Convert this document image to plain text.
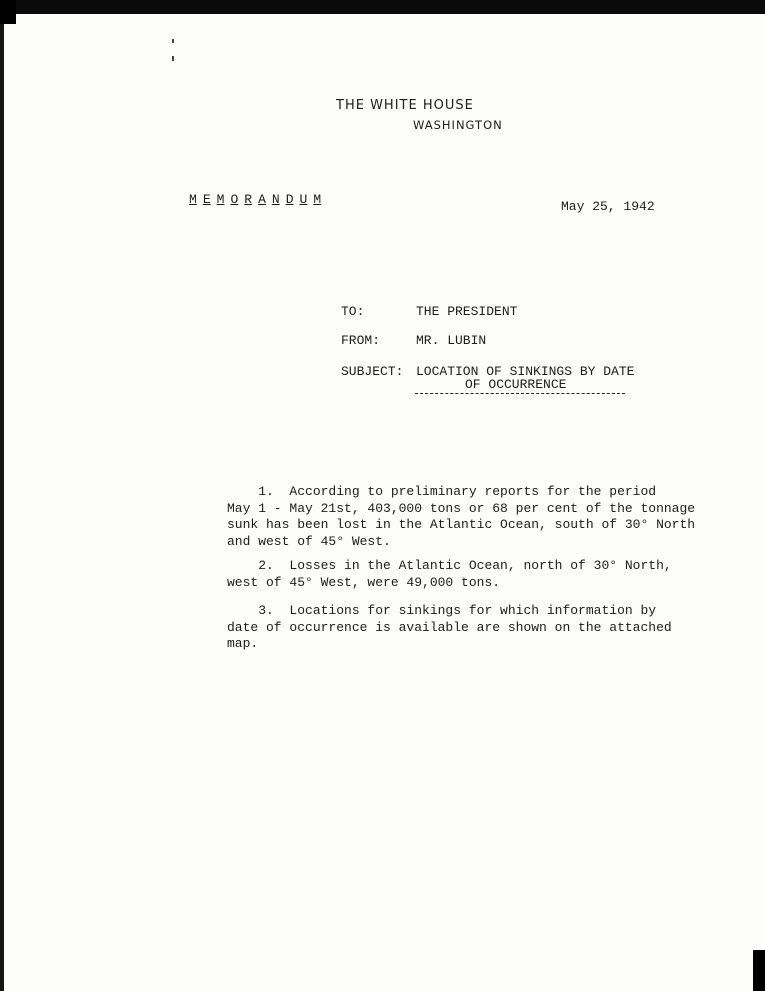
THE WHITE HOUSE
WASHINGTON
M E M O R A N D U M	May 25, 1942
TO:	THE PRESIDENT
FROM:	MR. LUBIN
SUBJECT: LOCATION OF SINKINGS BY DATE
OF OCCURRENCE
1.  According to preliminary reports for the period
May 1 - May 21st, 403,000 tons or 68 per cent of the tonnage
sunk has been lost in the Atlantic Ocean, south of 30° North
and west of 45° West.
2.  Losses in the Atlantic Ocean, north of 30° North,
west of 45° West, were 49,000 tons.
3.  Locations for sinkings for which information by
date of occurrence is available are shown on the attached
map.
